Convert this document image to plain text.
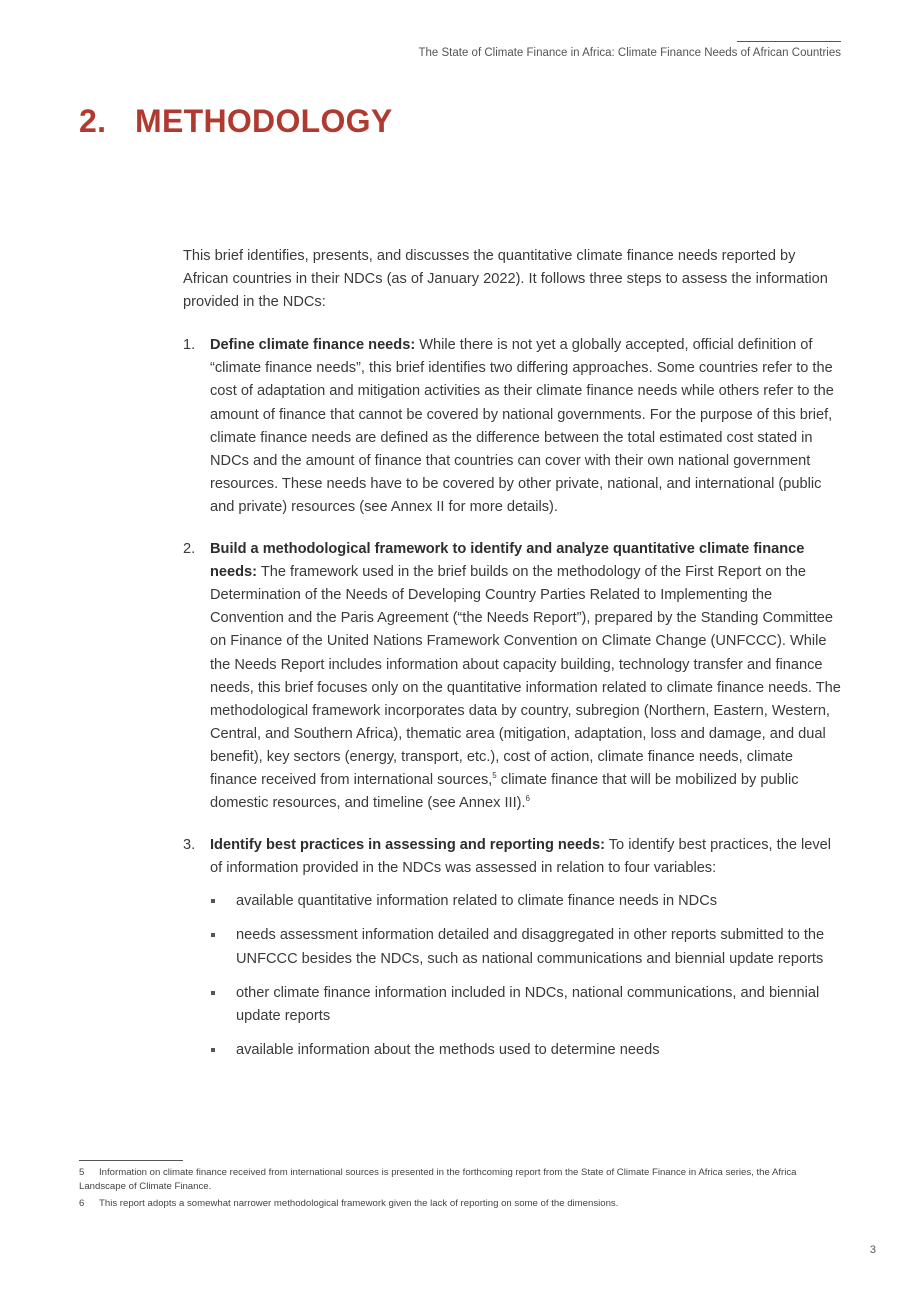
The State of Climate Finance in Africa: Climate Finance Needs of African Countries
2. METHODOLOGY

This brief identifies, presents, and discusses the quantitative climate finance needs reported by African countries in their NDCs (as of January 2022). It follows three steps to assess the information provided in the NDCs:

1. Define climate finance needs: While there is not yet a globally accepted, official definition of “climate finance needs”, this brief identifies two differing approaches. Some countries refer to the cost of adaptation and mitigation activities as their climate finance needs while others refer to the amount of finance that cannot be covered by national governments. For the purpose of this brief, climate finance needs are defined as the difference between the total estimated cost stated in NDCs and the amount of finance that countries can cover with their own national government resources. These needs have to be covered by other private, national, and international (public and private) resources (see Annex II for more details).
2. Build a methodological framework to identify and analyze quantitative climate finance needs: The framework used in the brief builds on the methodology of the First Report on the Determination of the Needs of Developing Country Parties Related to Implementing the Convention and the Paris Agreement (“the Needs Report”), prepared by the Standing Committee on Finance of the United Nations Framework Convention on Climate Change (UNFCCC). While the Needs Report includes information about capacity building, technology transfer and finance needs, this brief focuses only on the quantitative information related to climate finance needs. The methodological framework incorporates data by country, subregion (Northern, Eastern, Western, Central, and Southern Africa), thematic area (mitigation, adaptation, loss and damage, and dual benefit), key sectors (energy, transport, etc.), cost of action, climate finance needs, climate finance received from international sources,$^5$ climate finance that will be mobilized by public domestic resources, and timeline (see Annex III).$^6$
3. Identify best practices in assessing and reporting needs: To identify best practices, the level of information provided in the NDCs was assessed in relation to four variables:
available quantitative information related to climate finance needs in NDCs
needs assessment information detailed and disaggregated in other reports submitted to the UNFCCC besides the NDCs, such as national communications and biennial update reports
other climate finance information included in NDCs, national communications, and biennial update reports
available information about the methods used to determine needs

5 Information on climate finance received from international sources is presented in the forthcoming report from the State of Climate Finance in Africa series, the Africa Landscape of Climate Finance.

6 This report adopts a somewhat narrower methodological framework given the lack of reporting on some of the dimensions.

3
